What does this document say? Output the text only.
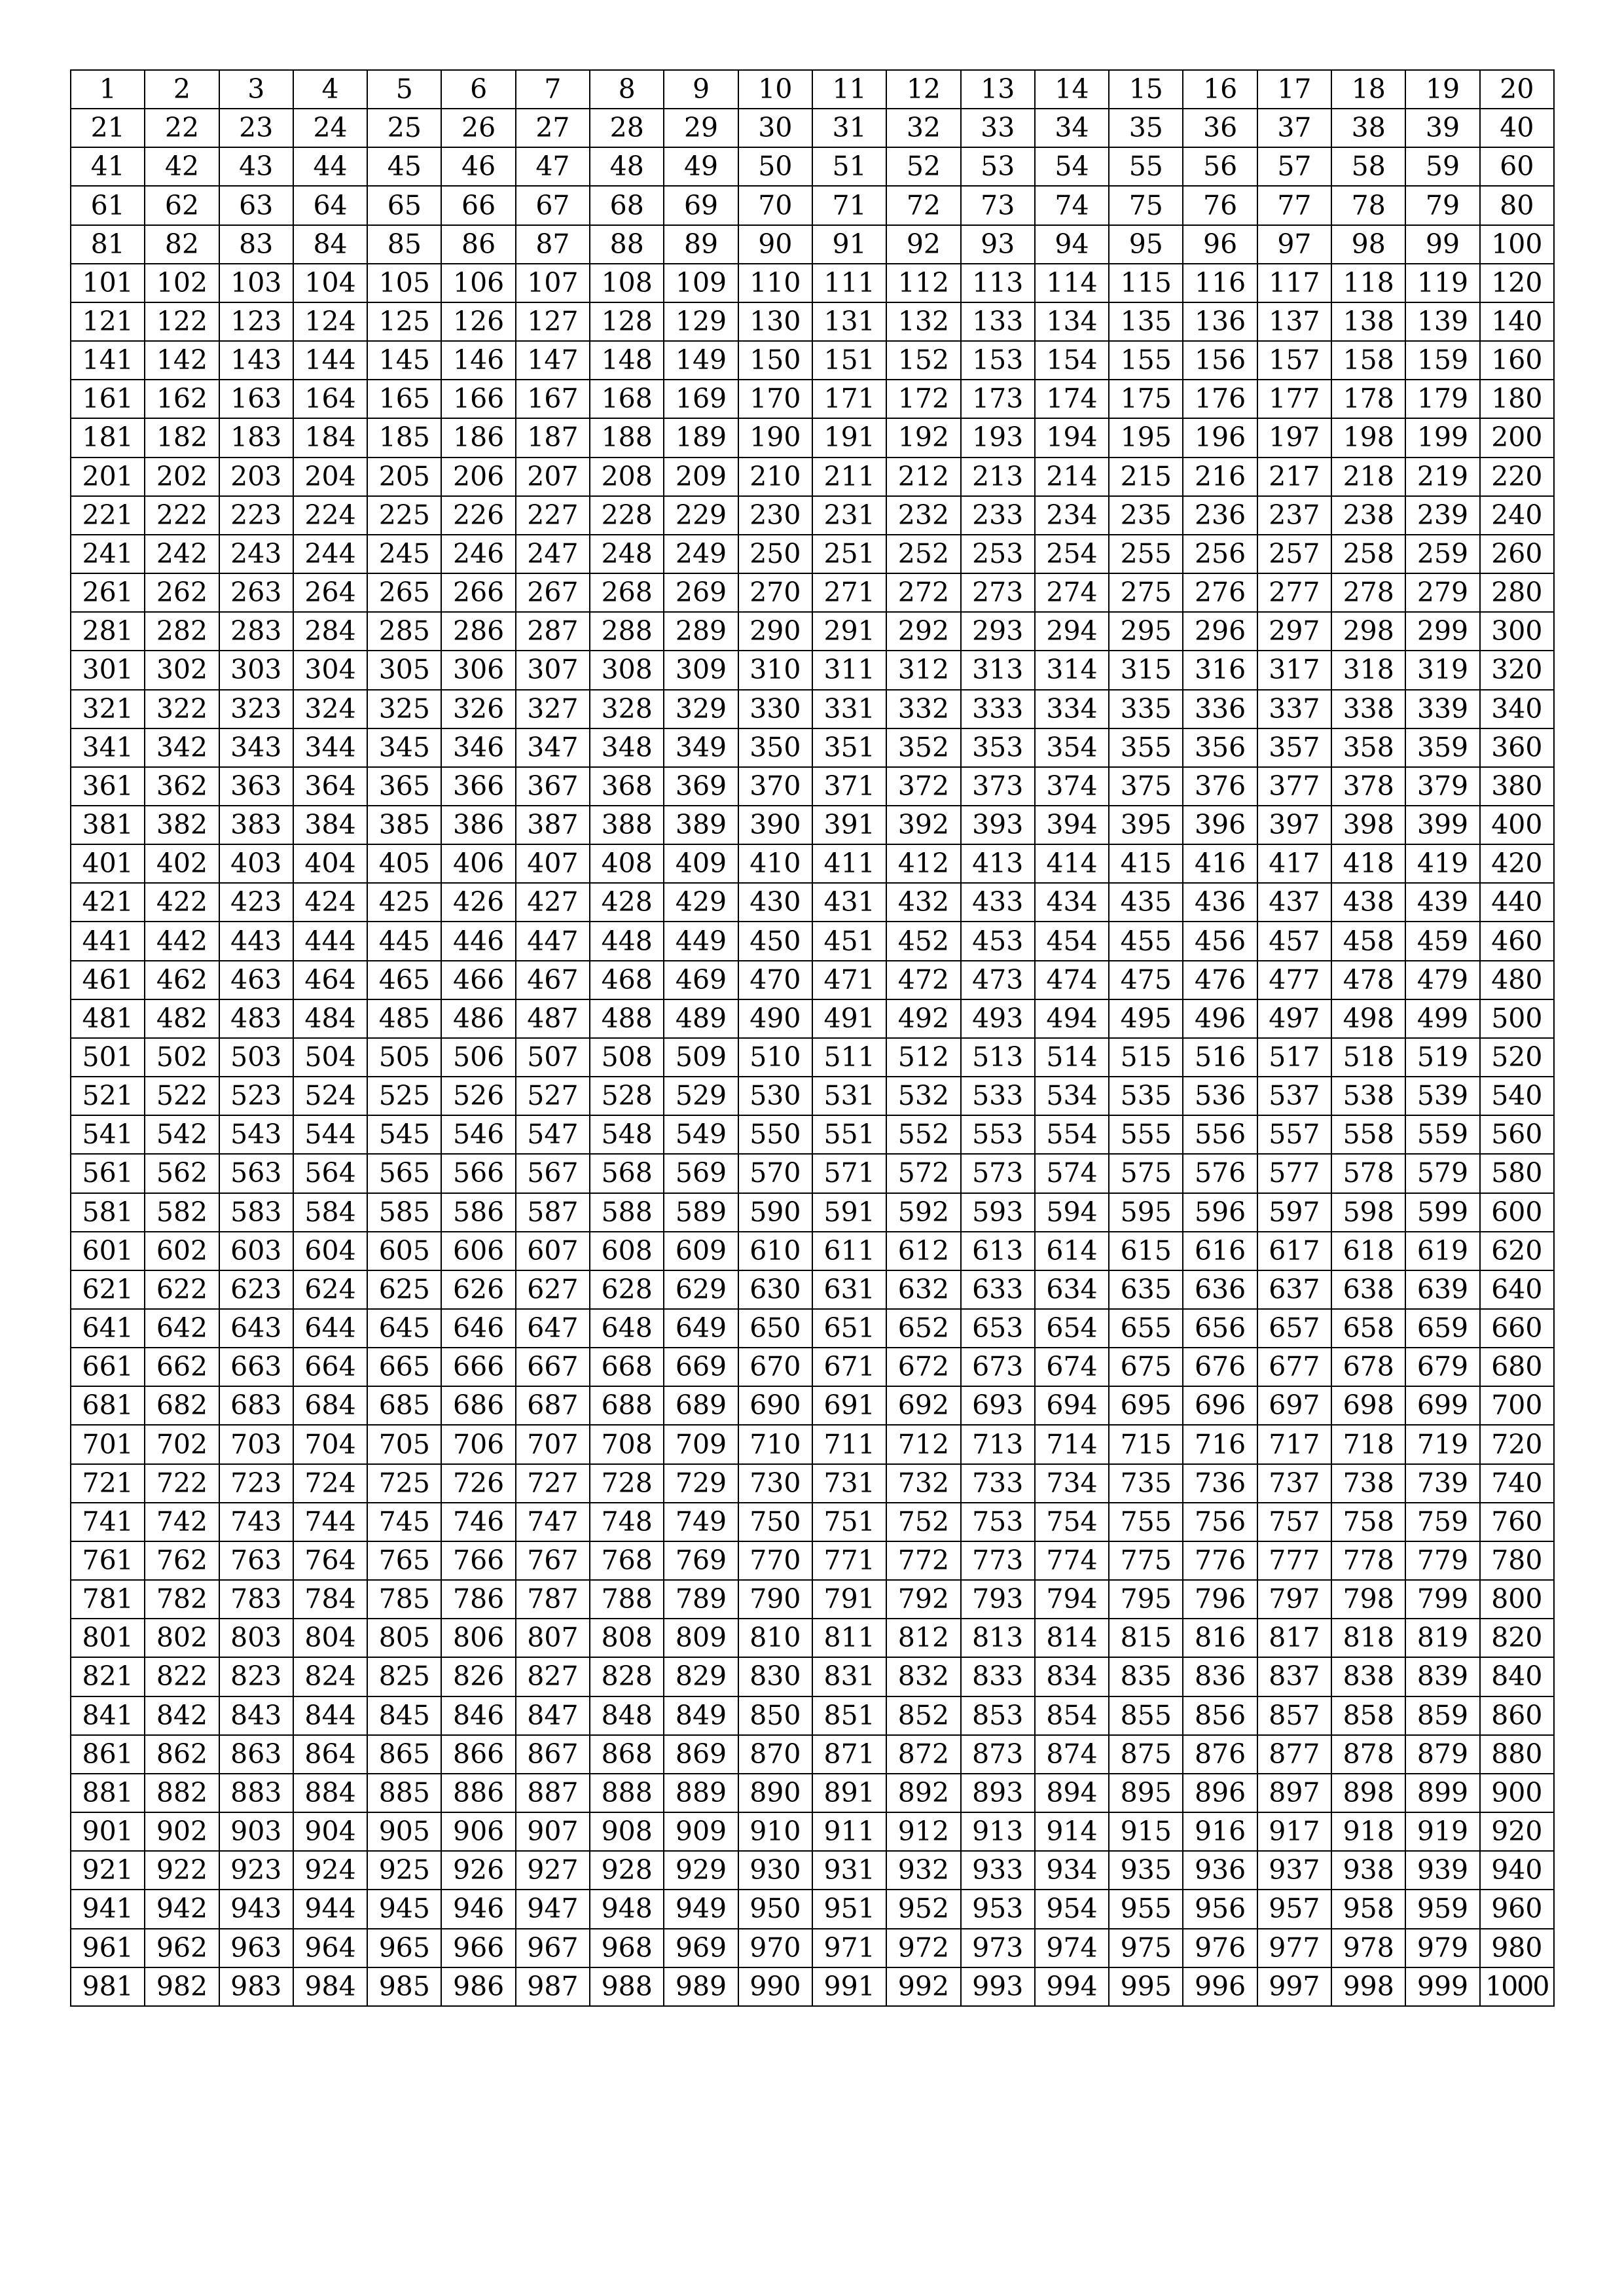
1	2	3	4	5	6	7	8	9	10	11	12	13	14	15	16	17	18	19	20
21	22	23	24	25	26	27	28	29	30	31	32	33	34	35	36	37	38	39	40
41	42	43	44	45	46	47	48	49	50	51	52	53	54	55	56	57	58	59	60
61	62	63	64	65	66	67	68	69	70	71	72	73	74	75	76	77	78	79	80
81	82	83	84	85	86	87	88	89	90	91	92	93	94	95	96	97	98	99	100
101	102	103	104	105	106	107	108	109	110	111	112	113	114	115	116	117	118	119	120
121	122	123	124	125	126	127	128	129	130	131	132	133	134	135	136	137	138	139	140
141	142	143	144	145	146	147	148	149	150	151	152	153	154	155	156	157	158	159	160
161	162	163	164	165	166	167	168	169	170	171	172	173	174	175	176	177	178	179	180
181	182	183	184	185	186	187	188	189	190	191	192	193	194	195	196	197	198	199	200
201	202	203	204	205	206	207	208	209	210	211	212	213	214	215	216	217	218	219	220
221	222	223	224	225	226	227	228	229	230	231	232	233	234	235	236	237	238	239	240
241	242	243	244	245	246	247	248	249	250	251	252	253	254	255	256	257	258	259	260
261	262	263	264	265	266	267	268	269	270	271	272	273	274	275	276	277	278	279	280
281	282	283	284	285	286	287	288	289	290	291	292	293	294	295	296	297	298	299	300
301	302	303	304	305	306	307	308	309	310	311	312	313	314	315	316	317	318	319	320
321	322	323	324	325	326	327	328	329	330	331	332	333	334	335	336	337	338	339	340
341	342	343	344	345	346	347	348	349	350	351	352	353	354	355	356	357	358	359	360
361	362	363	364	365	366	367	368	369	370	371	372	373	374	375	376	377	378	379	380
381	382	383	384	385	386	387	388	389	390	391	392	393	394	395	396	397	398	399	400
401	402	403	404	405	406	407	408	409	410	411	412	413	414	415	416	417	418	419	420
421	422	423	424	425	426	427	428	429	430	431	432	433	434	435	436	437	438	439	440
441	442	443	444	445	446	447	448	449	450	451	452	453	454	455	456	457	458	459	460
461	462	463	464	465	466	467	468	469	470	471	472	473	474	475	476	477	478	479	480
481	482	483	484	485	486	487	488	489	490	491	492	493	494	495	496	497	498	499	500
501	502	503	504	505	506	507	508	509	510	511	512	513	514	515	516	517	518	519	520
521	522	523	524	525	526	527	528	529	530	531	532	533	534	535	536	537	538	539	540
541	542	543	544	545	546	547	548	549	550	551	552	553	554	555	556	557	558	559	560
561	562	563	564	565	566	567	568	569	570	571	572	573	574	575	576	577	578	579	580
581	582	583	584	585	586	587	588	589	590	591	592	593	594	595	596	597	598	599	600
601	602	603	604	605	606	607	608	609	610	611	612	613	614	615	616	617	618	619	620
621	622	623	624	625	626	627	628	629	630	631	632	633	634	635	636	637	638	639	640
641	642	643	644	645	646	647	648	649	650	651	652	653	654	655	656	657	658	659	660
661	662	663	664	665	666	667	668	669	670	671	672	673	674	675	676	677	678	679	680
681	682	683	684	685	686	687	688	689	690	691	692	693	694	695	696	697	698	699	700
701	702	703	704	705	706	707	708	709	710	711	712	713	714	715	716	717	718	719	720
721	722	723	724	725	726	727	728	729	730	731	732	733	734	735	736	737	738	739	740
741	742	743	744	745	746	747	748	749	750	751	752	753	754	755	756	757	758	759	760
761	762	763	764	765	766	767	768	769	770	771	772	773	774	775	776	777	778	779	780
781	782	783	784	785	786	787	788	789	790	791	792	793	794	795	796	797	798	799	800
801	802	803	804	805	806	807	808	809	810	811	812	813	814	815	816	817	818	819	820
821	822	823	824	825	826	827	828	829	830	831	832	833	834	835	836	837	838	839	840
841	842	843	844	845	846	847	848	849	850	851	852	853	854	855	856	857	858	859	860
861	862	863	864	865	866	867	868	869	870	871	872	873	874	875	876	877	878	879	880
881	882	883	884	885	886	887	888	889	890	891	892	893	894	895	896	897	898	899	900
901	902	903	904	905	906	907	908	909	910	911	912	913	914	915	916	917	918	919	920
921	922	923	924	925	926	927	928	929	930	931	932	933	934	935	936	937	938	939	940
941	942	943	944	945	946	947	948	949	950	951	952	953	954	955	956	957	958	959	960
961	962	963	964	965	966	967	968	969	970	971	972	973	974	975	976	977	978	979	980
981	982	983	984	985	986	987	988	989	990	991	992	993	994	995	996	997	998	999	1000
